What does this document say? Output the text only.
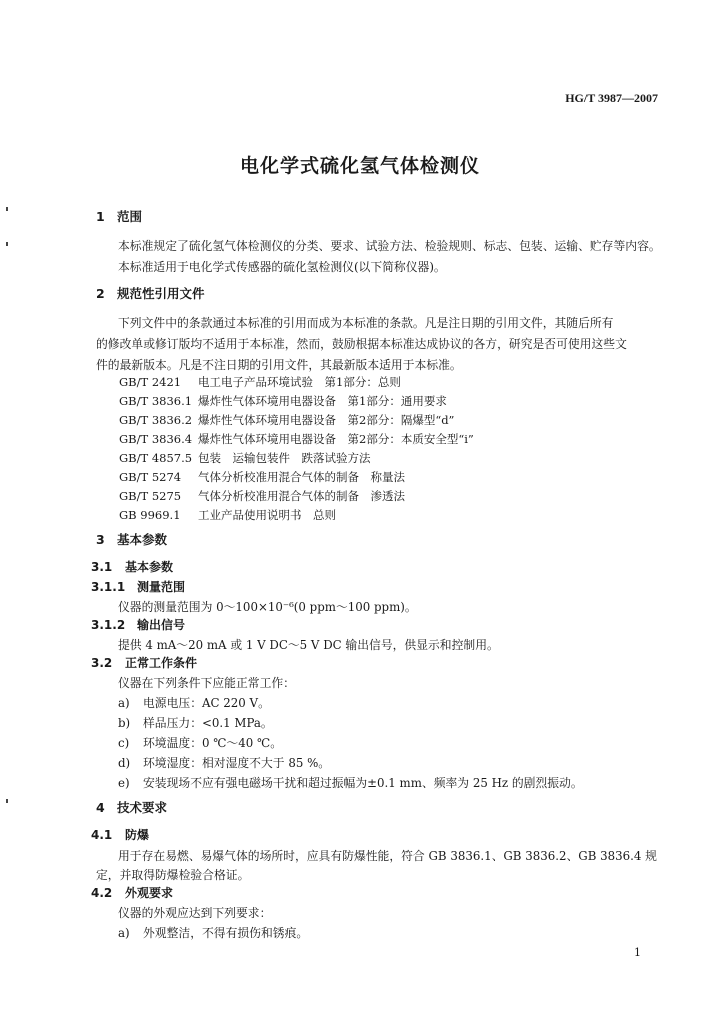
HG/T 3987—2007
电化学式硫化氢气体检测仪
1 范围
本标准规定了硫化氢气体检测仪的分类、要求、试验方法、检验规则、标志、包装、运输、贮存等内容。
本标准适用于电化学式传感器的硫化氢检测仪(以下简称仪器)。
2 规范性引用文件
下列文件中的条款通过本标准的引用而成为本标准的条款。凡是注日期的引用文件，其随后所有
的修改单或修订版均不适用于本标准，然而，鼓励根据本标准达成协议的各方，研究是否可使用这些文
件的最新版本。凡是不注日期的引用文件，其最新版本适用于本标准。
GB/T 2421 电工电子产品环境试验　第1部分：总则
GB/T 3836.1 爆炸性气体环境用电器设备　第1部分：通用要求
GB/T 3836.2 爆炸性气体环境用电器设备　第2部分：隔爆型“d”
GB/T 3836.4 爆炸性气体环境用电器设备　第2部分：本质安全型“i”
GB/T 4857.5 包装　运输包装件　跌落试验方法
GB/T 5274 气体分析校准用混合气体的制备　称量法
GB/T 5275 气体分析校准用混合气体的制备　渗透法
GB 9969.1 工业产品使用说明书　总则
3 基本参数
3.1 基本参数
3.1.1 测量范围
仪器的测量范围为 0～100×10⁻⁶(0 ppm～100 ppm)。
3.1.2 输出信号
提供 4 mA～20 mA 或 1 V DC～5 V DC 输出信号，供显示和控制用。
3.2 正常工作条件
仪器在下列条件下应能正常工作：
a) 电源电压：AC 220 V。
b) 样品压力：<0.1 MPa。
c) 环境温度：0 ℃～40 ℃。
d) 环境湿度：相对湿度不大于 85 %。
e) 安装现场不应有强电磁场干扰和超过振幅为±0.1 mm、频率为 25 Hz 的剧烈振动。
4 技术要求
4.1 防爆
用于存在易燃、易爆气体的场所时，应具有防爆性能，符合 GB 3836.1、GB 3836.2、GB 3836.4 规
定，并取得防爆检验合格证。
4.2 外观要求
仪器的外观应达到下列要求：
a) 外观整洁，不得有损伤和锈痕。
1
